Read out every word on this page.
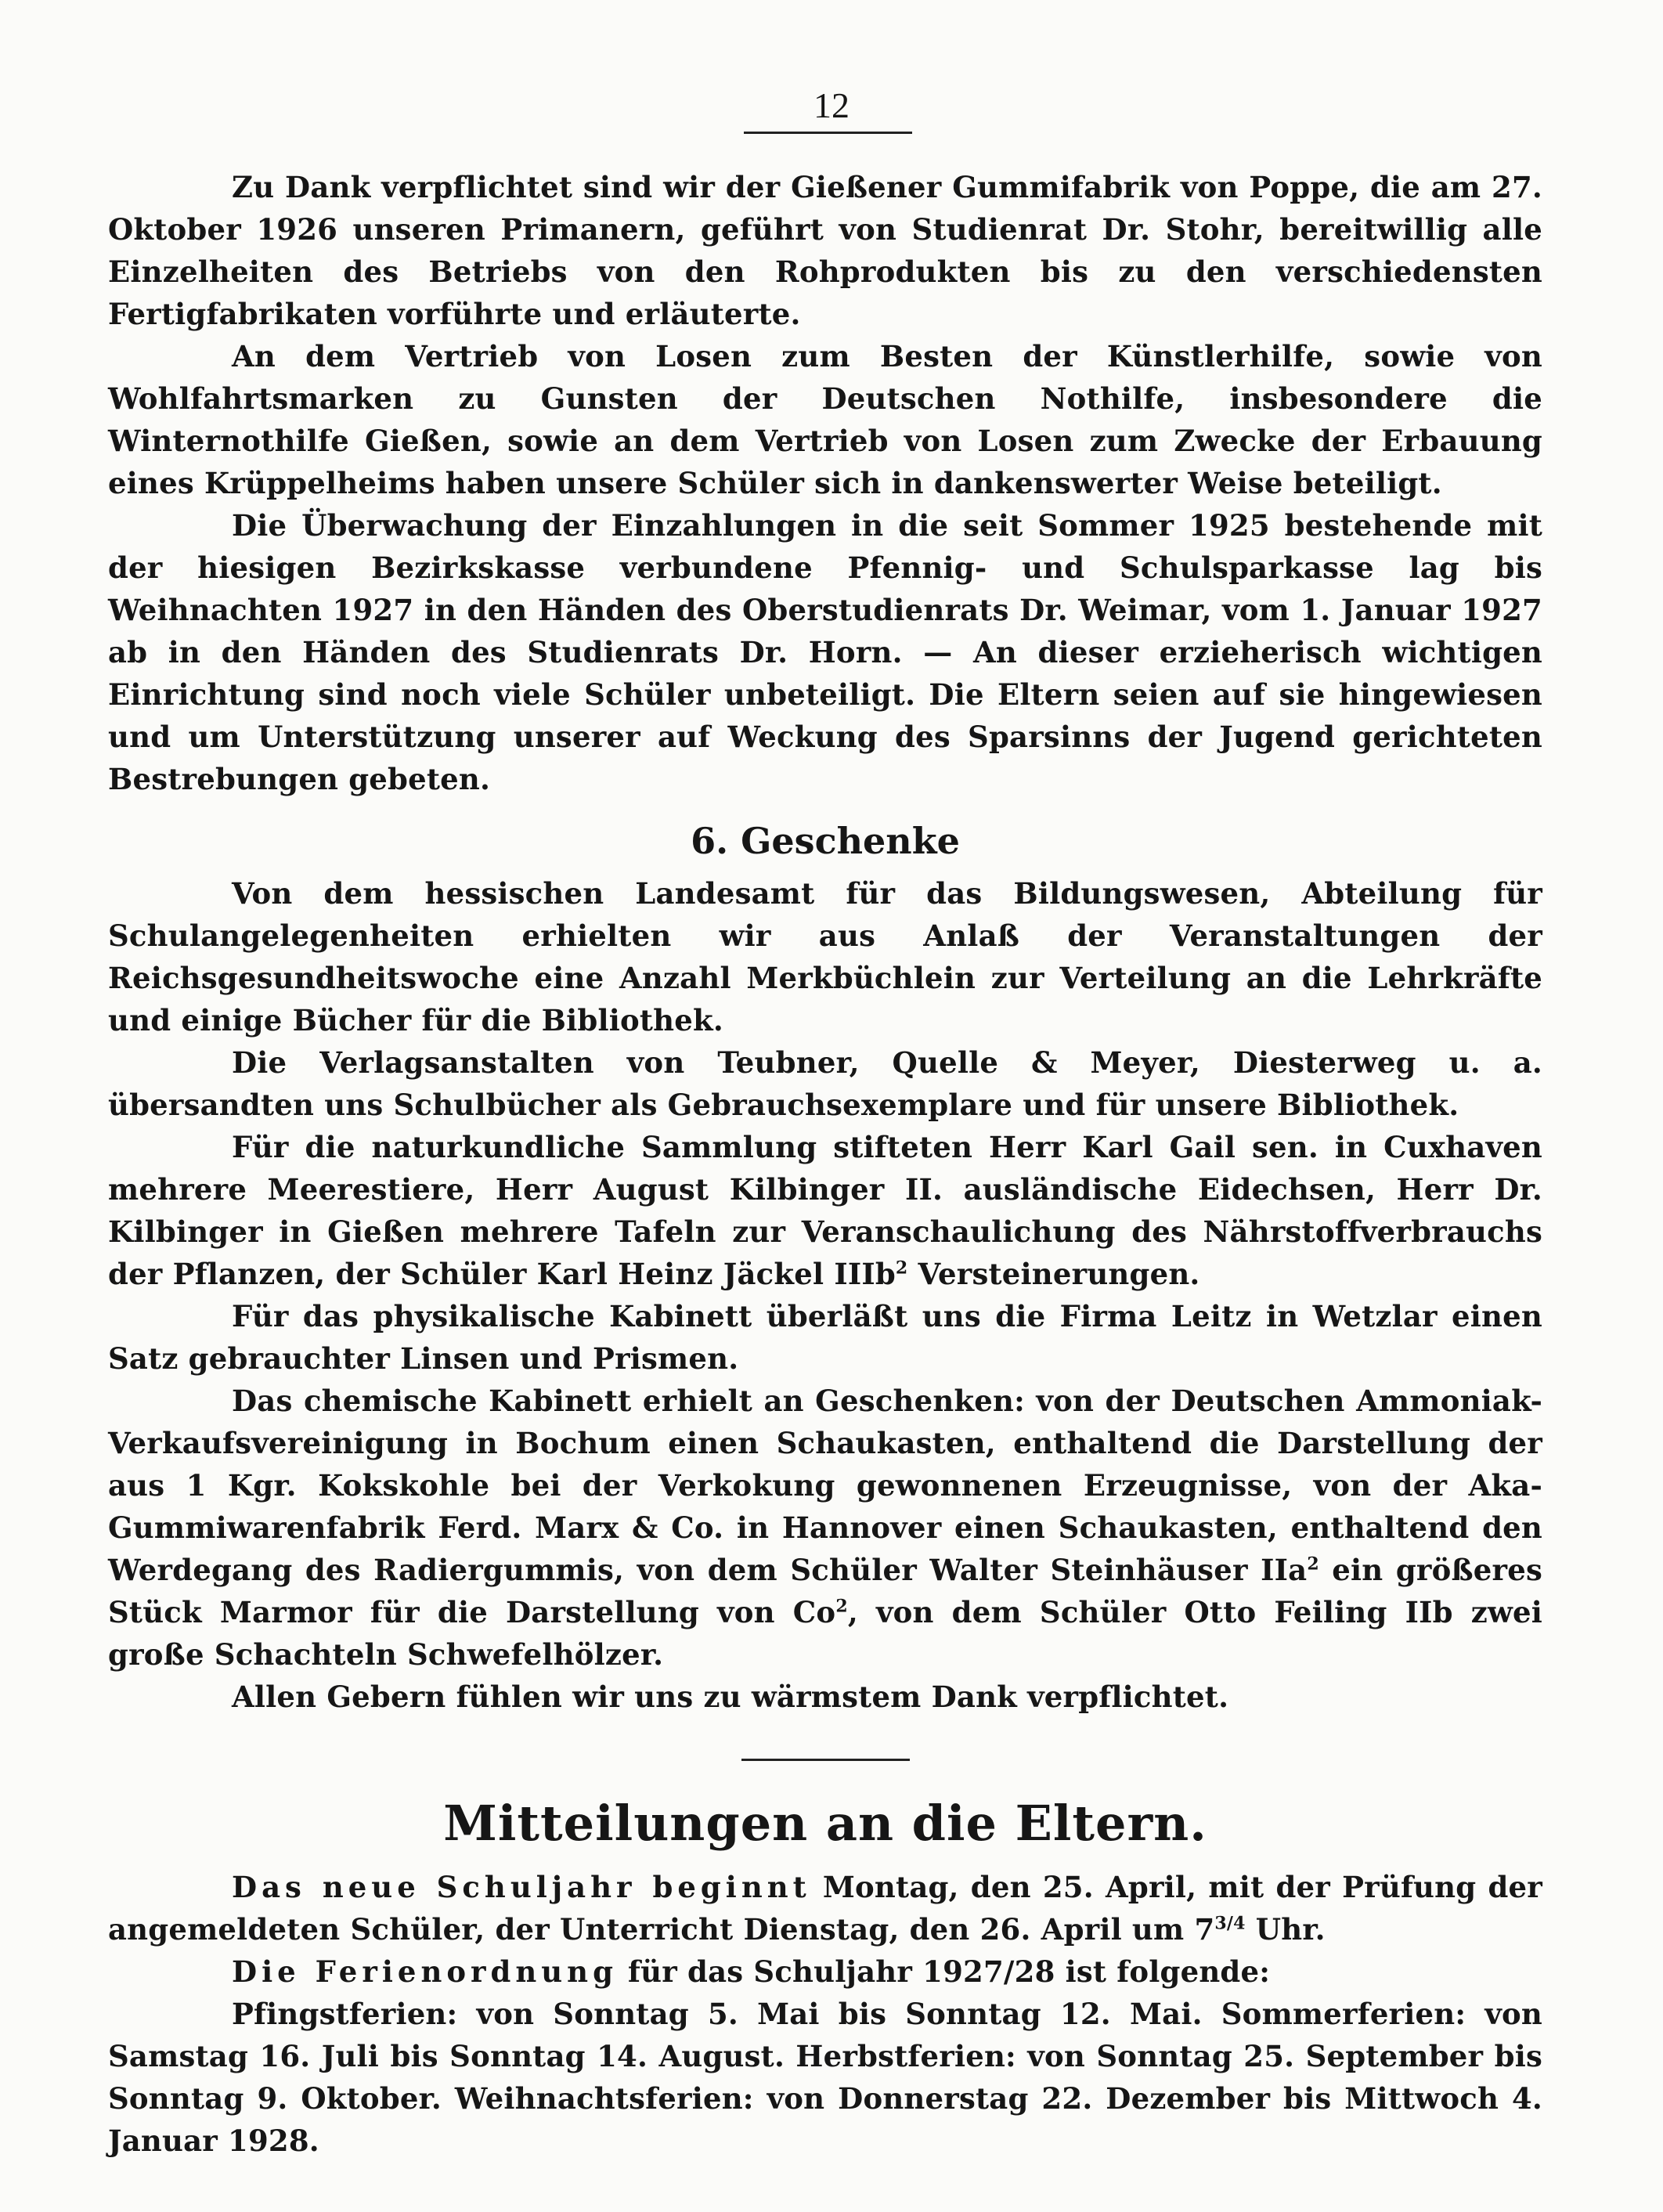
12

Zu Dank verpflichtet sind wir der Gießener Gummifabrik von Poppe, die am 27. Oktober 1926 unseren Primanern, geführt von Studienrat Dr. Stohr, bereitwillig alle Einzelheiten des Betriebs von den Rohprodukten bis zu den verschiedensten Fertigfabrikaten vorführte und erläuterte.

An dem Vertrieb von Losen zum Besten der Künstlerhilfe, sowie von Wohlfahrtsmarken zu Gunsten der Deutschen Nothilfe, insbesondere die Winternothilfe Gießen, sowie an dem Vertrieb von Losen zum Zwecke der Erbauung eines Krüppelheims haben unsere Schüler sich in dankenswerter Weise beteiligt.

Die Überwachung der Einzahlungen in die seit Sommer 1925 bestehende mit der hiesigen Bezirkskasse verbundene Pfennig- und Schulsparkasse lag bis Weihnachten 1927 in den Händen des Oberstudienrats Dr. Weimar, vom 1. Januar 1927 ab in den Händen des Studienrats Dr. Horn. — An dieser erzieherisch wichtigen Einrichtung sind noch viele Schüler unbeteiligt. Die Eltern seien auf sie hingewiesen und um Unterstützung unserer auf Weckung des Sparsinns der Jugend gerichteten Bestrebungen gebeten.

6. Geschenke

Von dem hessischen Landesamt für das Bildungswesen, Abteilung für Schulangelegenheiten erhielten wir aus Anlaß der Veranstaltungen der Reichsgesundheitswoche eine Anzahl Merkbüchlein zur Verteilung an die Lehrkräfte und einige Bücher für die Bibliothek.

Die Verlagsanstalten von Teubner, Quelle & Meyer, Diesterweg u. a. übersandten uns Schulbücher als Gebrauchsexemplare und für unsere Bibliothek.

Für die naturkundliche Sammlung stifteten Herr Karl Gail sen. in Cuxhaven mehrere Meerestiere, Herr August Kilbinger II. ausländische Eidechsen, Herr Dr. Kilbinger in Gießen mehrere Tafeln zur Veranschaulichung des Nährstoffverbrauchs der Pflanzen, der Schüler Karl Heinz Jäckel IIIb$^2$ Versteinerungen.

Für das physikalische Kabinett überläßt uns die Firma Leitz in Wetzlar einen Satz gebrauchter Linsen und Prismen.

Das chemische Kabinett erhielt an Geschenken: von der Deutschen Ammoniak-Verkaufsvereinigung in Bochum einen Schaukasten, enthaltend die Darstellung der aus 1 Kgr. Kokskohle bei der Verkokung gewonnenen Erzeugnisse, von der Aka-Gummiwarenfabrik Ferd. Marx & Co. in Hannover einen Schaukasten, enthaltend den Werdegang des Radiergummis, von dem Schüler Walter Steinhäuser IIa$^2$ ein größeres Stück Marmor für die Darstellung von Co$^2$, von dem Schüler Otto Feiling IIb zwei große Schachteln Schwefelhölzer.

Allen Gebern fühlen wir uns zu wärmstem Dank verpflichtet.

Mitteilungen an die Eltern.

Das neue Schuljahr beginnt Montag, den 25. April, mit der Prüfung der angemeldeten Schüler, der Unterricht Dienstag, den 26. April um $7^{3/4}$ Uhr.

Die Ferienordnung für das Schuljahr 1927/28 ist folgende:

Pfingstferien: von Sonntag 5. Mai bis Sonntag 12. Mai. Sommerferien: von Samstag 16. Juli bis Sonntag 14. August. Herbstferien: von Sonntag 25. September bis Sonntag 9. Oktober. Weihnachtsferien: von Donnerstag 22. Dezember bis Mittwoch 4. Januar 1928.
